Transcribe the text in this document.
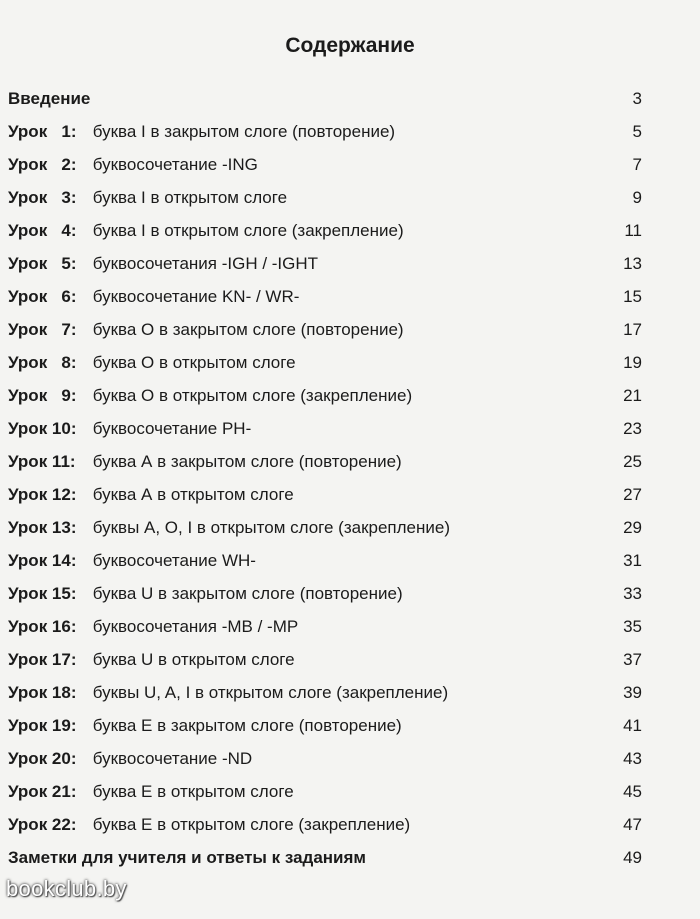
Содержание
Введение	3
Урок   1: буква I в закрытом слоге (повторение)	5
Урок   2: буквосочетание -ING	7
Урок   3: буква I в открытом слоге	9
Урок   4: буква I в открытом слоге (закрепление)	11
Урок   5: буквосочетания -IGH / -IGHT	13
Урок   6: буквосочетание KN- / WR-	15
Урок   7: буква О в закрытом слоге (повторение)	17
Урок   8: буква О в открытом слоге	19
Урок   9: буква О в открытом слоге (закрепление)	21
Урок 10: буквосочетание PH-	23
Урок 11: буква А в закрытом слоге (повторение)	25
Урок 12: буква А в открытом слоге	27
Урок 13: буквы A, O, I в открытом слоге (закрепление)	29
Урок 14: буквосочетание WH-	31
Урок 15: буква U в закрытом слоге (повторение)	33
Урок 16: буквосочетания -MB / -MP	35
Урок 17: буква U в открытом слоге	37
Урок 18: буквы U, A, I в открытом слоге (закрепление)	39
Урок 19: буква E в закрытом слоге (повторение)	41
Урок 20: буквосочетание -ND	43
Урок 21: буква E в открытом слоге	45
Урок 22: буква E в открытом слоге (закрепление)	47
Заметки для учителя и ответы к заданиям	49
bookclub.by
